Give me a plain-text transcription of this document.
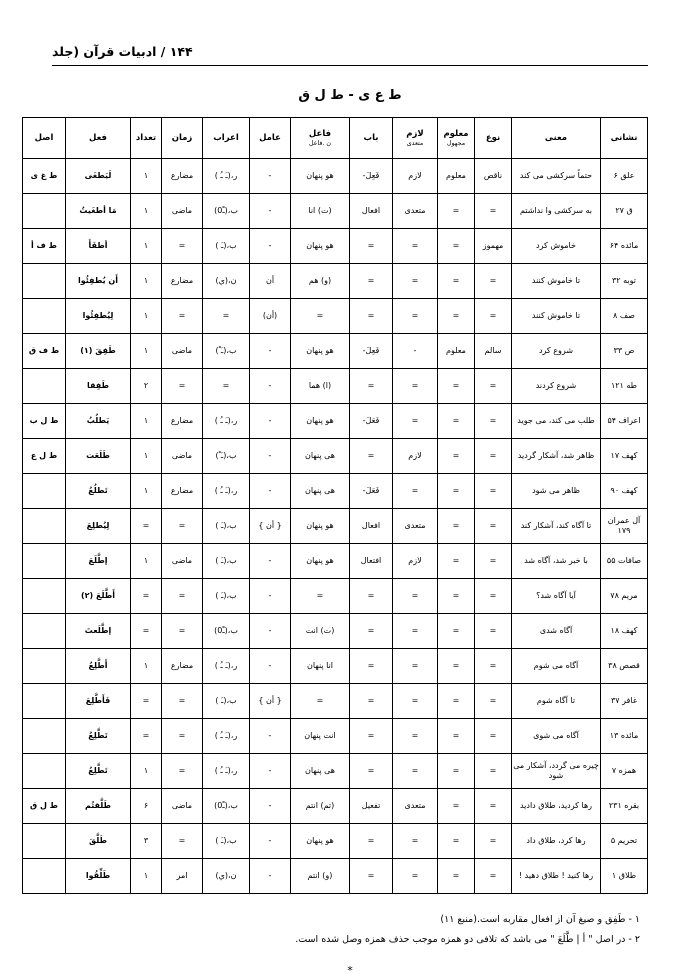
۱۴۴ / ادبیات قرآن (جلد
ط ع ی - ط ل ق
نشانی	معنی	نوع	معلوم
مجهول	لازم
متعدی	باب	فاعل
ن .فاعل	عامل	اعراب	زمان	تعداد	فعل	اصل
علق ۶	حتماً سرکشی می کند	ناقص	معلوم	لازم	فَعِلَ-	هو پنهان	-	ر،(ـَ ـُ )	مضارع	۱	لَیَطغَی	ط غ ی
ق ۲۷	به سرکشی وا نداشتم	=	=	متعدی	افعال	(ت) انا	-	ب،(ـْ0)	ماضی	۱	مَا أطغَیتُ	
مائده ۶۴	خاموش کرد	مهموز	=	=	=	هو پنهان	-	ب،(ـَ )	=	۱	أطفَأَ	ط ف أ
توبه ۳۲	تا خاموش کنند	=	=	=	=	(و) هم	أن	ن،(ي)	مضارع	۱	أَن یُطفِئُوا	
صف ۸	تا خاموش کنند	=	=	=	=	=	(أن)	=	=	۱	لِیُطفِئُوا	
ص ۳۳	شروع کرد	سالم	معلوم	-	فَعِلَ-	هو پنهان	-	ب،(ـَ ْ)	ماضی	۱	طَفِقَ (۱)	ط ف ق
طه ۱۲۱	شروع کردند	=	=	=	=	(ا) هما	-	=	=	۲	طَفِقا	
اعراف ۵۴	طلب می کند، می جوید	=	=	=	فَعَلَ-	هو پنهان	-	ر،(ـَ ـُ )	مضارع	۱	یَطلُبُ	ط ل ب
کهف ۱۷	ظاهر شد، آشکار گردید	=	=	لازم	=	هی پنهان	-	ب،(ـَ ْ)	ماضی	۱	طَلَعَت	ط ل ع
کهف ۹۰	ظاهر می شود	=	=	=	فَعَلَ-	هی پنهان	-	ر،(ـَ ـُ )	مضارع	۱	تَطلُعُ	
آل عمران ۱۷۹	تا آگاه کند، آشکار کند	=	=	متعدی	افعال	هو پنهان	{ أن }	ب،(ـَ )	=	=	لِیُطلِعَ	
صافات ۵۵	با خبر شد، آگاه شد	=	=	لازم	افتعال	هو پنهان	-	ب،(ـَ )	ماضی	۱	إطَّلَعَ	
مریم ۷۸	آیا آگاه شد؟	=	=	=	=	=	-	ب،(ـَ )	=	=	أَطَّلَعَ (۲)	
کهف ۱۸	آگاه شدی	=	=	=	=	(ت) انت	-	ب،(ـْ0)	=	=	إطَّلَعتَ	
قصص ۳۸	آگاه می شوم	=	=	=	=	انا پنهان	-	ر،(ـَ ـُ )	مضارع	۱	أَطَّلِعُ	
غافر ۳۷	تا آگاه شوم	=	=	=	=	=	{ أن }	ب،(ـَ )	=	=	فَأَطَّلِعَ	
مائده ۱۳	آگاه می شوی	=	=	=	=	انت پنهان	-	ر،(ـَ ـُ )	=	=	تَطَّلِعُ	
همزه ۷	چیره می گردد، آشکار می شود	=	=	=	=	هی پنهان	-	ر،(ـَ ـُ )	=	۱	تَطَّلِعُ	
بقره ۲۳۱	رها کردید، طلاق دادید	=	=	متعدی	تفعیل	(تم) انتم	-	ب،(ـْ0)	ماضی	۶	طَلَّقتُم	ط ل ق
تحریم ۵	رها کرد، طلاق داد	=	=	=	=	هو پنهان	-	ب،(ـَ )	=	۳	طَلَّقَ	
طلاق ۱	رها کنید ! طلاق دهید !	=	=	=	=	(و) انتم	-	ن،(ي)	امر	۱	طَلِّقُوا	
۱ - طَفِق و صیغ آن از افعال مقاربه است.(منبع ۱۱)
۲ - در اصل " أ | طَّلَعَ " می باشد که تلافی دو همزه موجب حذف همزه وصل شده است.
*
